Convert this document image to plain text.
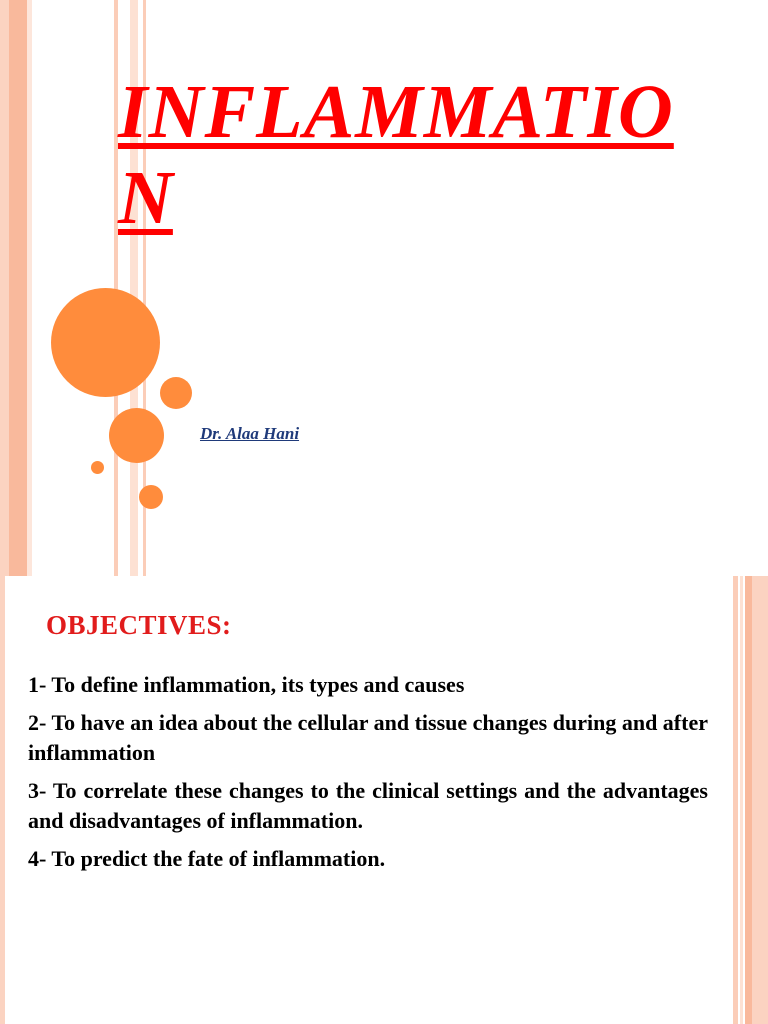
INFLAMMATIO
N
Dr. Alaa Hani
OBJECTIVES:
1- To define inflammation, its types and causes
2- To have an idea about the cellular and tissue changes during and after inflammation
3- To correlate these changes to the clinical settings and the advantages and disadvantages of inflammation.
4- To predict the fate of inflammation.
